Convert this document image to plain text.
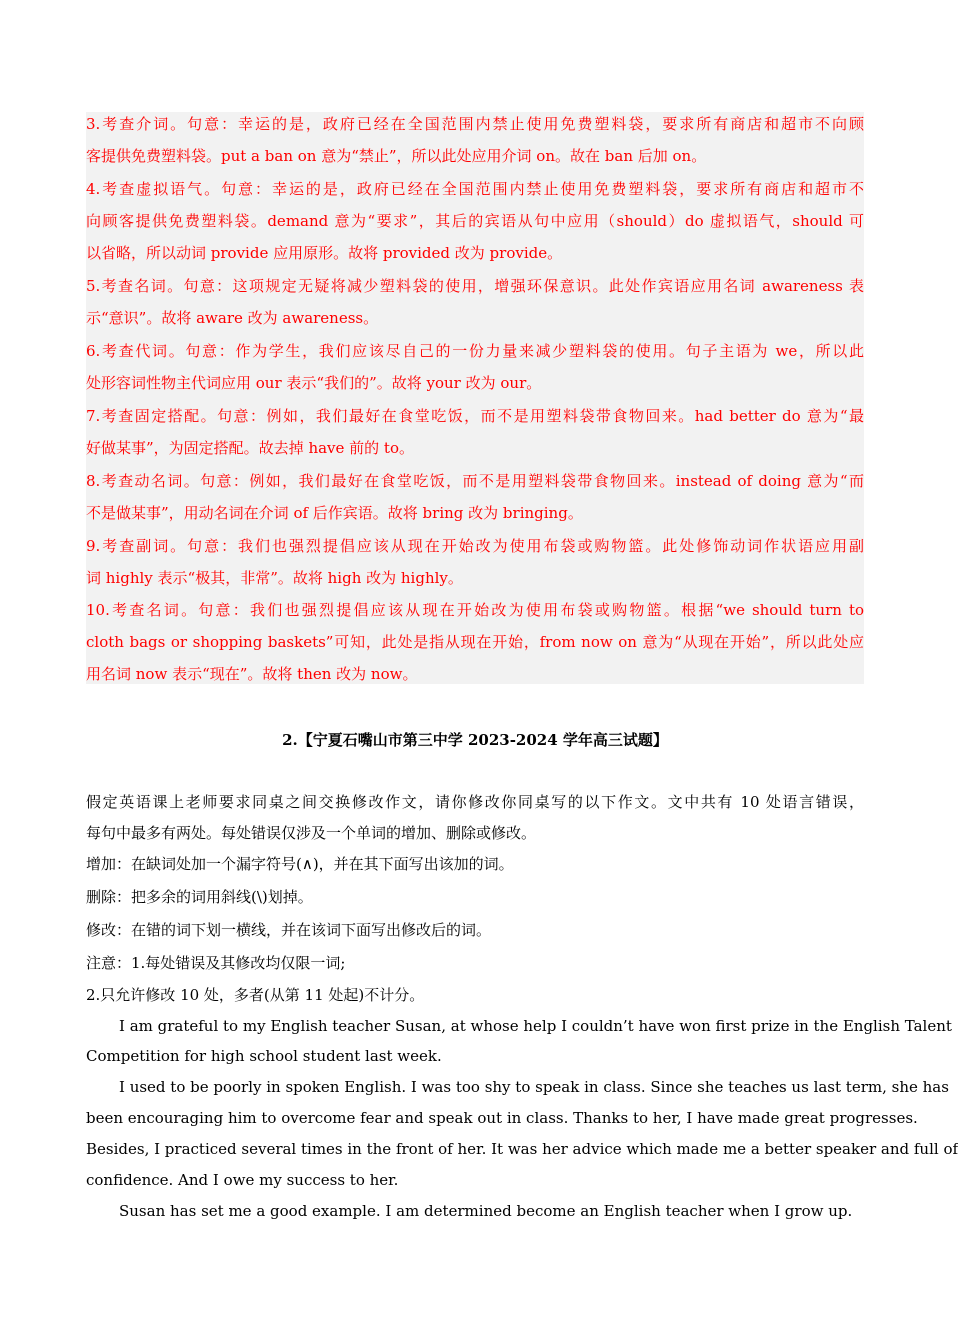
3.考查介词。句意：幸运的是，政府已经在全国范围内禁止使用免费塑料袋，要求所有商店和超市不向顾
客提供免费塑料袋。put a ban on 意为“禁止”，所以此处应用介词 on。故在 ban 后加 on。
4.考查虚拟语气。句意：幸运的是，政府已经在全国范围内禁止使用免费塑料袋，要求所有商店和超市不
向顾客提供免费塑料袋。demand 意为“要求”，其后的宾语从句中应用（should）do 虚拟语气，should 可
以省略，所以动词 provide 应用原形。故将 provided 改为 provide。
5.考查名词。句意：这项规定无疑将减少塑料袋的使用，增强环保意识。此处作宾语应用名词 awareness 表
示“意识”。故将 aware 改为 awareness。
6.考查代词。句意：作为学生，我们应该尽自己的一份力量来减少塑料袋的使用。句子主语为 we，所以此
处形容词性物主代词应用 our 表示“我们的”。故将 your 改为 our。
7.考查固定搭配。句意：例如，我们最好在食堂吃饭，而不是用塑料袋带食物回来。had better do 意为“最
好做某事”，为固定搭配。故去掉 have 前的 to。
8.考查动名词。句意：例如，我们最好在食堂吃饭，而不是用塑料袋带食物回来。instead of doing 意为“而
不是做某事”，用动名词在介词 of 后作宾语。故将 bring 改为 bringing。
9.考查副词。句意：我们也强烈提倡应该从现在开始改为使用布袋或购物篮。此处修饰动词作状语应用副
词 highly 表示“极其，非常”。故将 high 改为 highly。
10.考查名词。句意：我们也强烈提倡应该从现在开始改为使用布袋或购物篮。根据“we should turn to
cloth bags or shopping baskets”可知，此处是指从现在开始，from now on 意为“从现在开始”，所以此处应
用名词 now 表示“现在”。故将 then 改为 now。
2.【宁夏石嘴山市第三中学 2023-2024 学年高三试题】
假定英语课上老师要求同桌之间交换修改作文，请你修改你同桌写的以下作文。文中共有 10 处语言错误，
每句中最多有两处。每处错误仅涉及一个单词的增加、删除或修改。
增加：在缺词处加一个漏字符号(∧)，并在其下面写出该加的词。
删除：把多余的词用斜线(\)划掉。
修改：在错的词下划一横线，并在该词下面写出修改后的词。
注意：1.每处错误及其修改均仅限一词;
2.只允许修改 10 处，多者(从第 11 处起)不计分。
I am grateful to my English teacher Susan, at whose help I couldn’t have won first prize in the English Talent
Competition for high school student last week.
I used to be poorly in spoken English. I was too shy to speak in class. Since she teaches us last term, she has
been encouraging him to overcome fear and speak out in class. Thanks to her, I have made great progresses.
Besides, I practiced several times in the front of her. It was her advice which made me a better speaker and full of
confidence. And I owe my success to her.
Susan has set me a good example. I am determined become an English teacher when I grow up.
